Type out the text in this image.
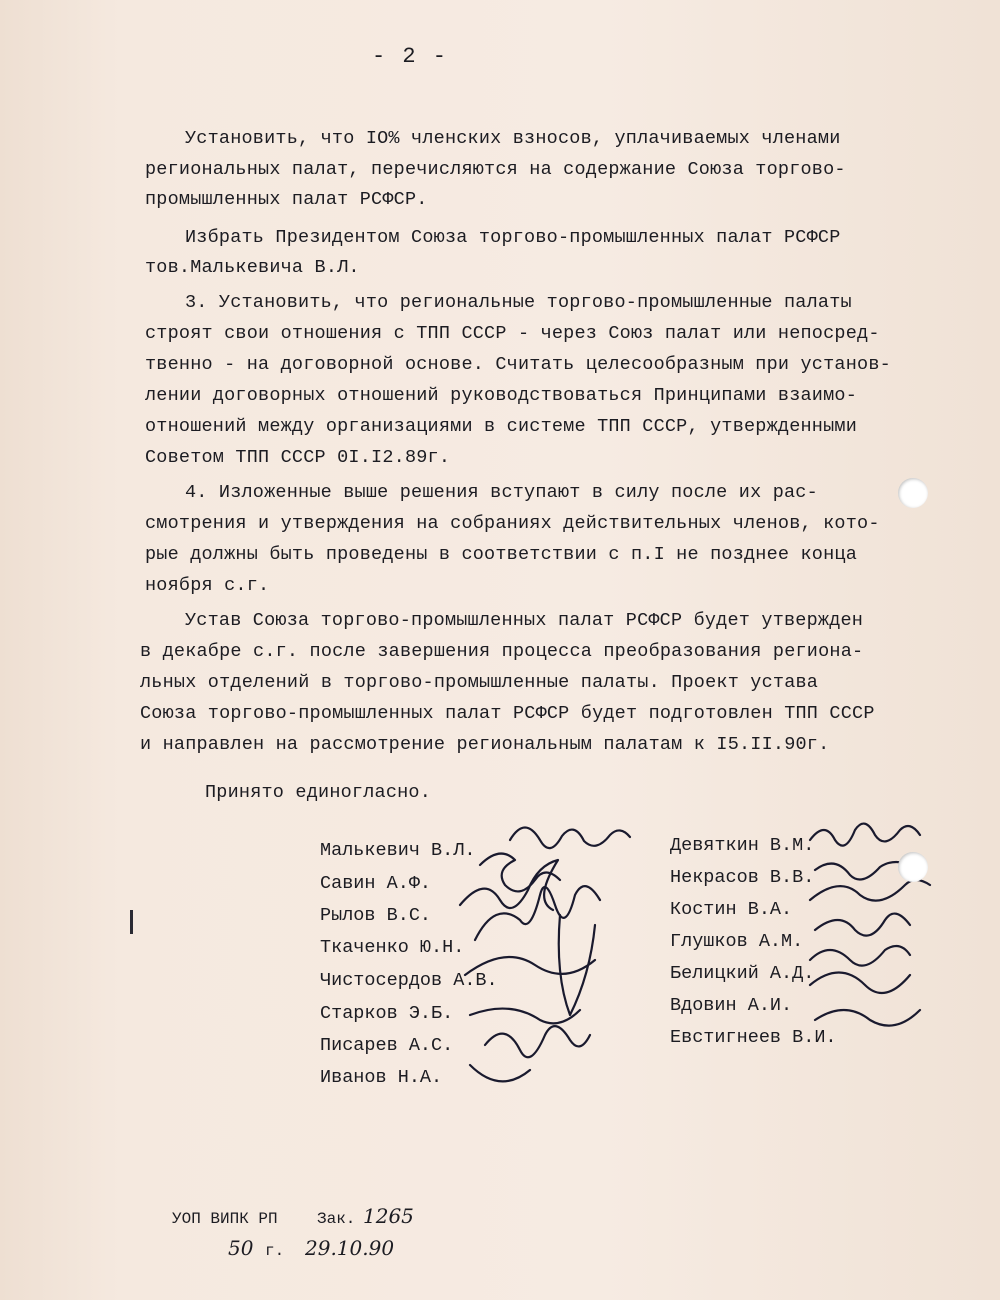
- 2 -
Установить, что IO% членских взносов, уплачиваемых членами
региональных палат, перечисляются на содержание Союза торгово-
промышленных палат РСФСР.
Избрать Президентом Союза торгово-промышленных палат РСФСР
тов.Малькевича В.Л.
3. Установить, что региональные торгово-промышленные палаты
строят свои отношения с ТПП СССР - через Союз палат или непосред-
твенно - на договорной основе. Считать целесообразным при установ-
лении договорных отношений руководствоваться Принципами взаимо-
отношений между организациями в системе ТПП СССР, утвержденными
Советом ТПП СССР 0I.I2.89г.
4. Изложенные выше решения вступают в силу после их рас-
смотрения и утверждения на собраниях действительных членов, кото-
рые должны быть проведены в соответствии с п.I не позднее конца
ноября с.г.
Устав Союза торгово-промышленных палат РСФСР будет утвержден
в декабре с.г. после завершения процесса преобразования регионa-
льных отделений в торгово-промышленные палаты. Проект устава
Союза торгово-промышленных палат РСФСР будет подготовлен ТПП СССР
и направлен на рассмотрение региональным палатам к I5.II.90г.
Принято единогласно.
Малькевич В.Л.
Савин А.Ф.
Рылов В.С.
Ткаченко Ю.Н.
Чистосердов А.В.
Старков Э.Б.
Писарев А.С.
Иванов Н.А.
Девяткин В.М.
Некрасов В.В.
Костин В.А.
Глушков А.М.
Белицкий А.Д.
Вдовин А.И.
Евстигнеев В.И.
УОП ВИПК РП Зак. 1265
50 г. 29.10.90
